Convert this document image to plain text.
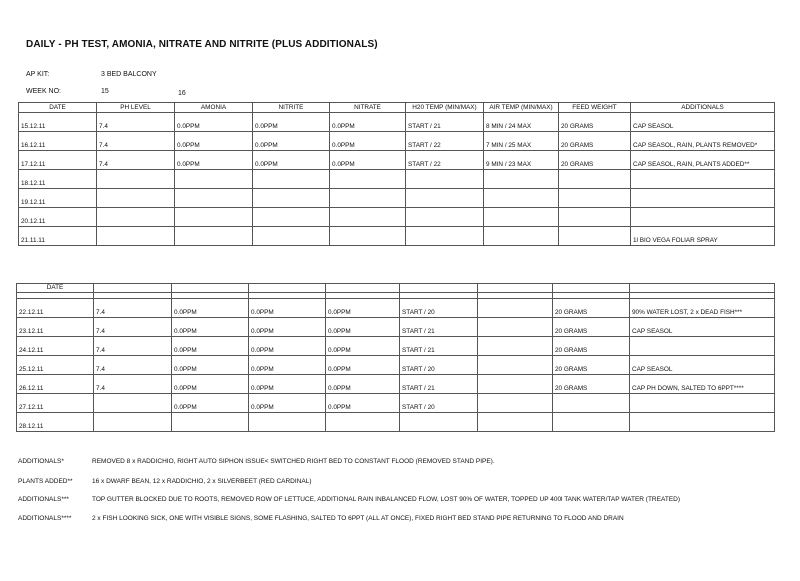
DAILY - PH TEST, AMONIA, NITRATE AND NITRITE (PLUS ADDITIONALS)
AP KIT:	3 BED BALCONY
WEEK NO:	15	16
DATE	PH LEVEL	AMONIA	NITRITE	NITRATE	H20 TEMP (MIN/MAX)	AIR TEMP (MIN/MAX)	FEED WEIGHT	ADDITIONALS
15.12.11	7.4	0.0PPM	0.0PPM	0.0PPM	START / 21	8 MIN / 24 MAX	20 GRAMS	CAP SEASOL
16.12.11	7.4	0.0PPM	0.0PPM	0.0PPM	START / 22	7 MIN / 25 MAX	20 GRAMS	CAP SEASOL, RAIN, PLANTS REMOVED*
17.12.11	7.4	0.0PPM	0.0PPM	0.0PPM	START / 22	9 MIN / 23 MAX	20 GRAMS	CAP SEASOL, RAIN, PLANTS ADDED**
18.12.11								
19.12.11								
20.12.11								
21.11.11								1l BIO VEGA FOLIAR SPRAY
DATE								

22.12.11	7.4	0.0PPM	0.0PPM	0.0PPM	START / 20		20 GRAMS	90% WATER LOST, 2 x DEAD FISH***
23.12.11	7.4	0.0PPM	0.0PPM	0.0PPM	START / 21		20 GRAMS	CAP SEASOL
24.12.11	7.4	0.0PPM	0.0PPM	0.0PPM	START / 21		20 GRAMS	
25.12.11	7.4	0.0PPM	0.0PPM	0.0PPM	START / 20		20 GRAMS	CAP SEASOL
26.12.11	7.4	0.0PPM	0.0PPM	0.0PPM	START / 21		20 GRAMS	CAP PH DOWN, SALTED TO 6PPT****
27.12.11		0.0PPM	0.0PPM	0.0PPM	START / 20			
28.12.11								
ADDITIONALS*	REMOVED 8 x RADDICHIO, RIGHT AUTO SIPHON ISSUE< SWITCHED RIGHT BED TO CONSTANT FLOOD (REMOVED STAND PIPE).
PLANTS ADDED**	16 x DWARF BEAN, 12 x RADDICHIO, 2 x SILVERBEET (RED CARDINAL)
ADDITIONALS***	TOP GUTTER BLOCKED DUE TO ROOTS, REMOVED ROW OF LETTUCE, ADDITIONAL RAIN INBALANCED FLOW, LOST 90% OF WATER, TOPPED UP 400l TANK WATER/TAP WATER (TREATED)
ADDITIONALS****	2 x FISH LOOKING SICK, ONE WITH VISIBLE SIGNS, SOME FLASHING, SALTED TO 6PPT (ALL AT ONCE), FIXED RIGHT BED STAND PIPE RETURNING TO FLOOD AND DRAIN
